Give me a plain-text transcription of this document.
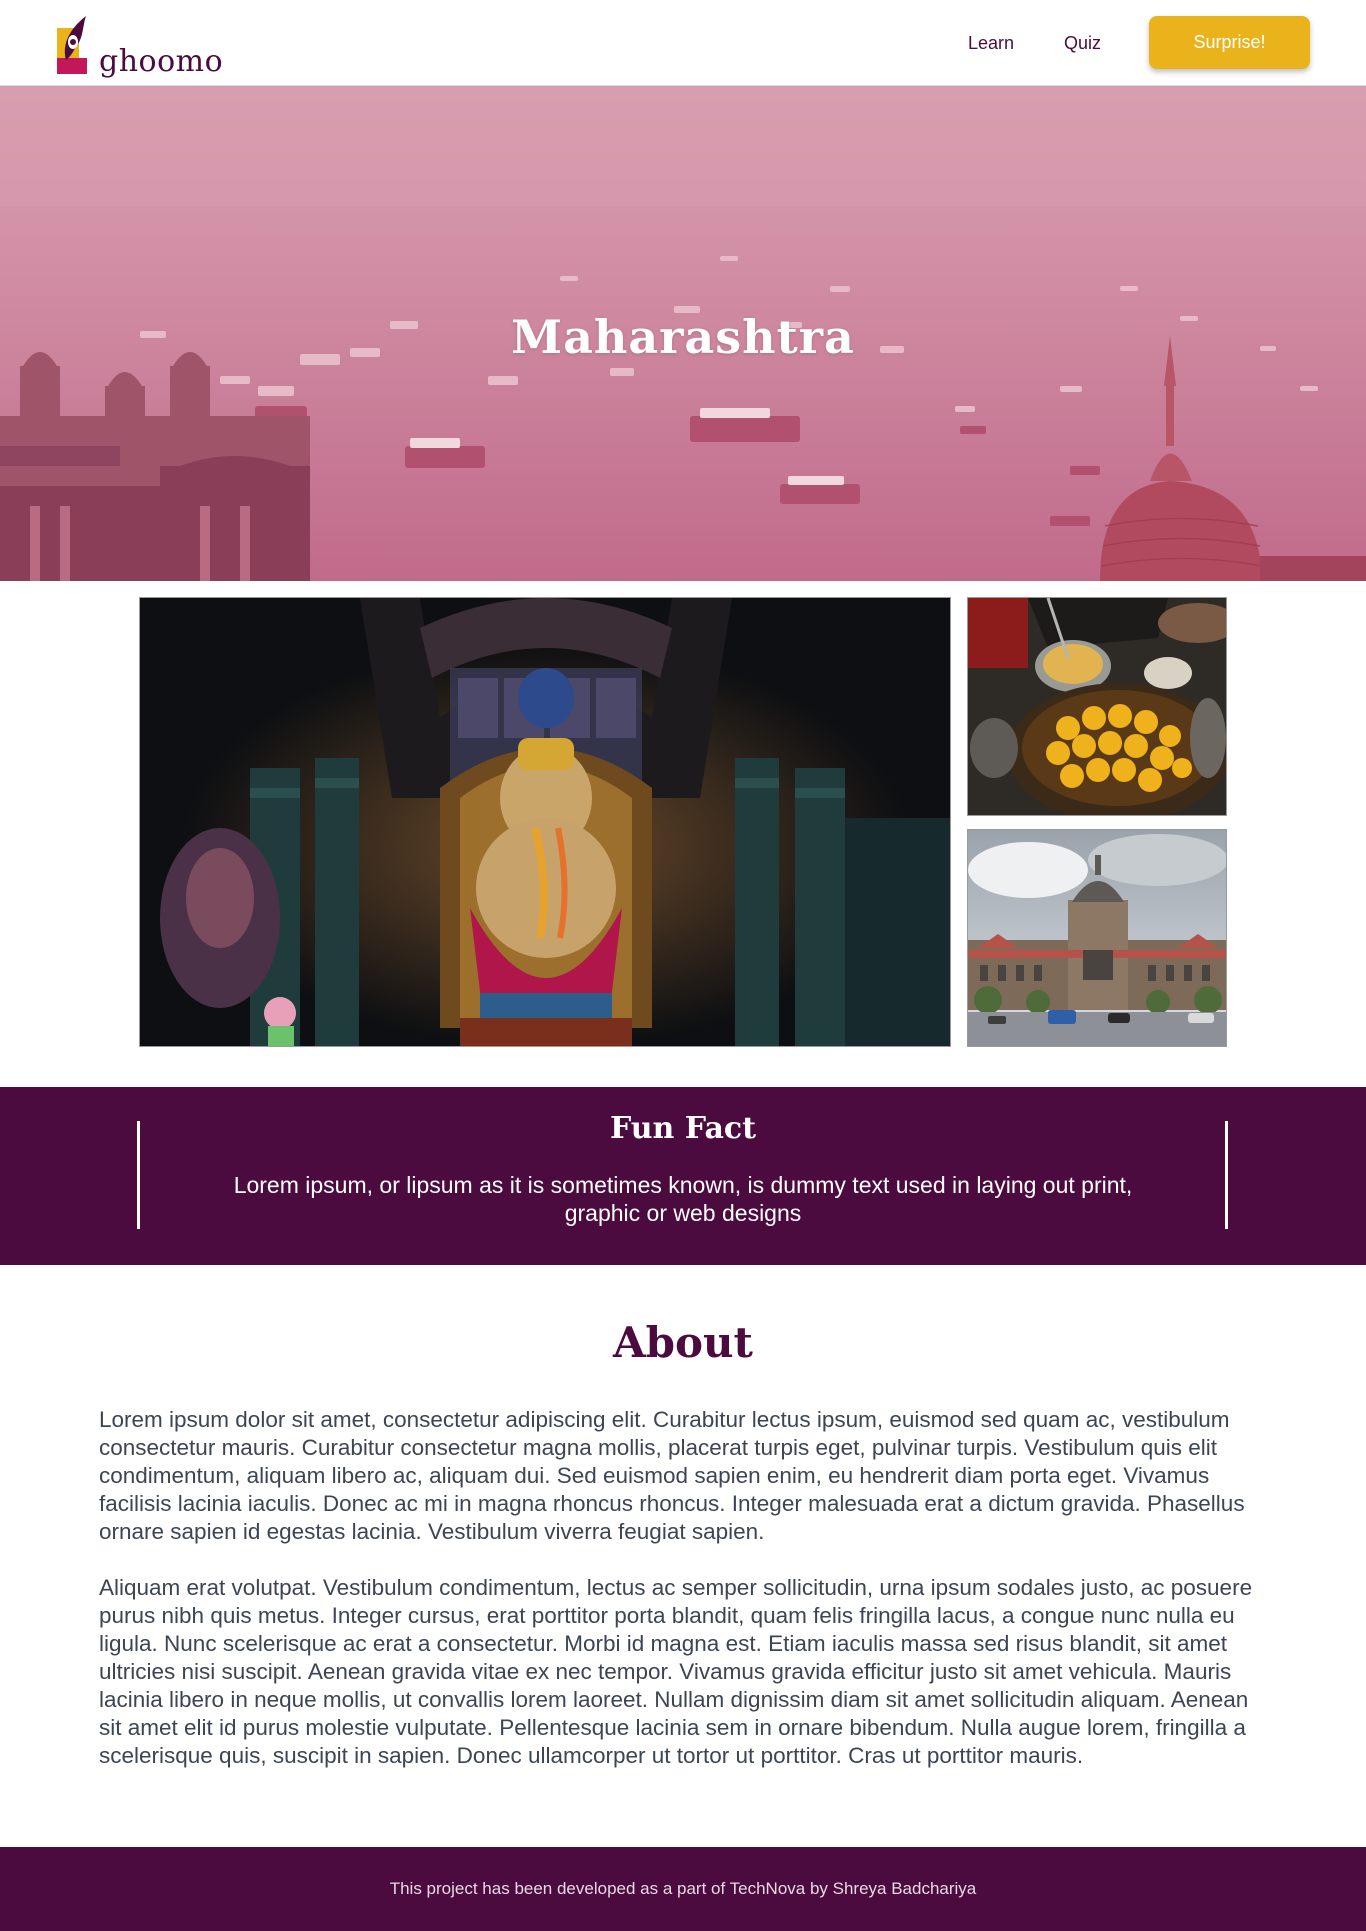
ghoomo
Learn	Quiz	Surprise!
Maharashtra
Fun Fact

Lorem ipsum, or lipsum as it is sometimes known, is dummy text used in laying out print, graphic or web designs

About

Lorem ipsum dolor sit amet, consectetur adipiscing elit. Curabitur lectus ipsum, euismod sed quam ac, vestibulum consectetur mauris. Curabitur consectetur magna mollis, placerat turpis eget, pulvinar turpis. Vestibulum quis elit condimentum, aliquam libero ac, aliquam dui. Sed euismod sapien enim, eu hendrerit diam porta eget. Vivamus facilisis lacinia iaculis. Donec ac mi in magna rhoncus rhoncus. Integer malesuada erat a dictum gravida. Phasellus ornare sapien id egestas lacinia. Vestibulum viverra feugiat sapien.

Aliquam erat volutpat. Vestibulum condimentum, lectus ac semper sollicitudin, urna ipsum sodales justo, ac posuere purus nibh quis metus. Integer cursus, erat porttitor porta blandit, quam felis fringilla lacus, a congue nunc nulla eu ligula. Nunc scelerisque ac erat a consectetur. Morbi id magna est. Etiam iaculis massa sed risus blandit, sit amet ultricies nisi suscipit. Aenean gravida vitae ex nec tempor. Vivamus gravida efficitur justo sit amet vehicula. Mauris lacinia libero in neque mollis, ut convallis lorem laoreet. Nullam dignissim diam sit amet sollicitudin aliquam. Aenean sit amet elit id purus molestie vulputate. Pellentesque lacinia sem in ornare bibendum. Nulla augue lorem, fringilla a scelerisque quis, suscipit in sapien. Donec ullamcorper ut tortor ut porttitor. Cras ut porttitor mauris.

This project has been developed as a part of TechNova by Shreya Badchariya
